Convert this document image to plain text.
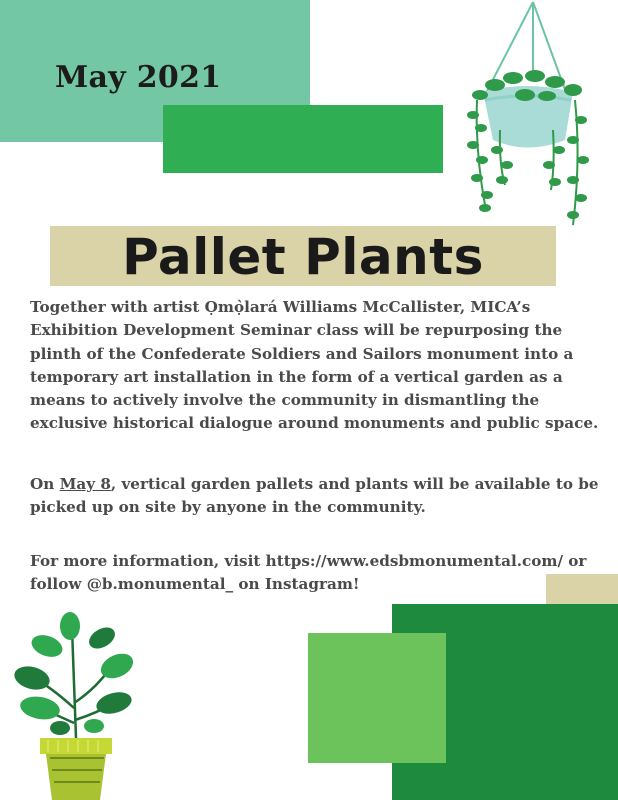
May 2021
Pallet Plants
Together with artist Ọmọ̀lará Williams McCallister, MICA’s Exhibition Development Seminar class will be repurposing the plinth of the Confederate Soldiers and Sailors monument into a temporary art installation in the form of a vertical garden as a means to actively involve the community in dismantling the exclusive historical dialogue around monuments and public space.
On May 8, vertical garden pallets and plants will be available to be picked up on site by anyone in the community.
For more information, visit https://www.edsbmonumental.com/ or follow @b.monumental_ on Instagram!
